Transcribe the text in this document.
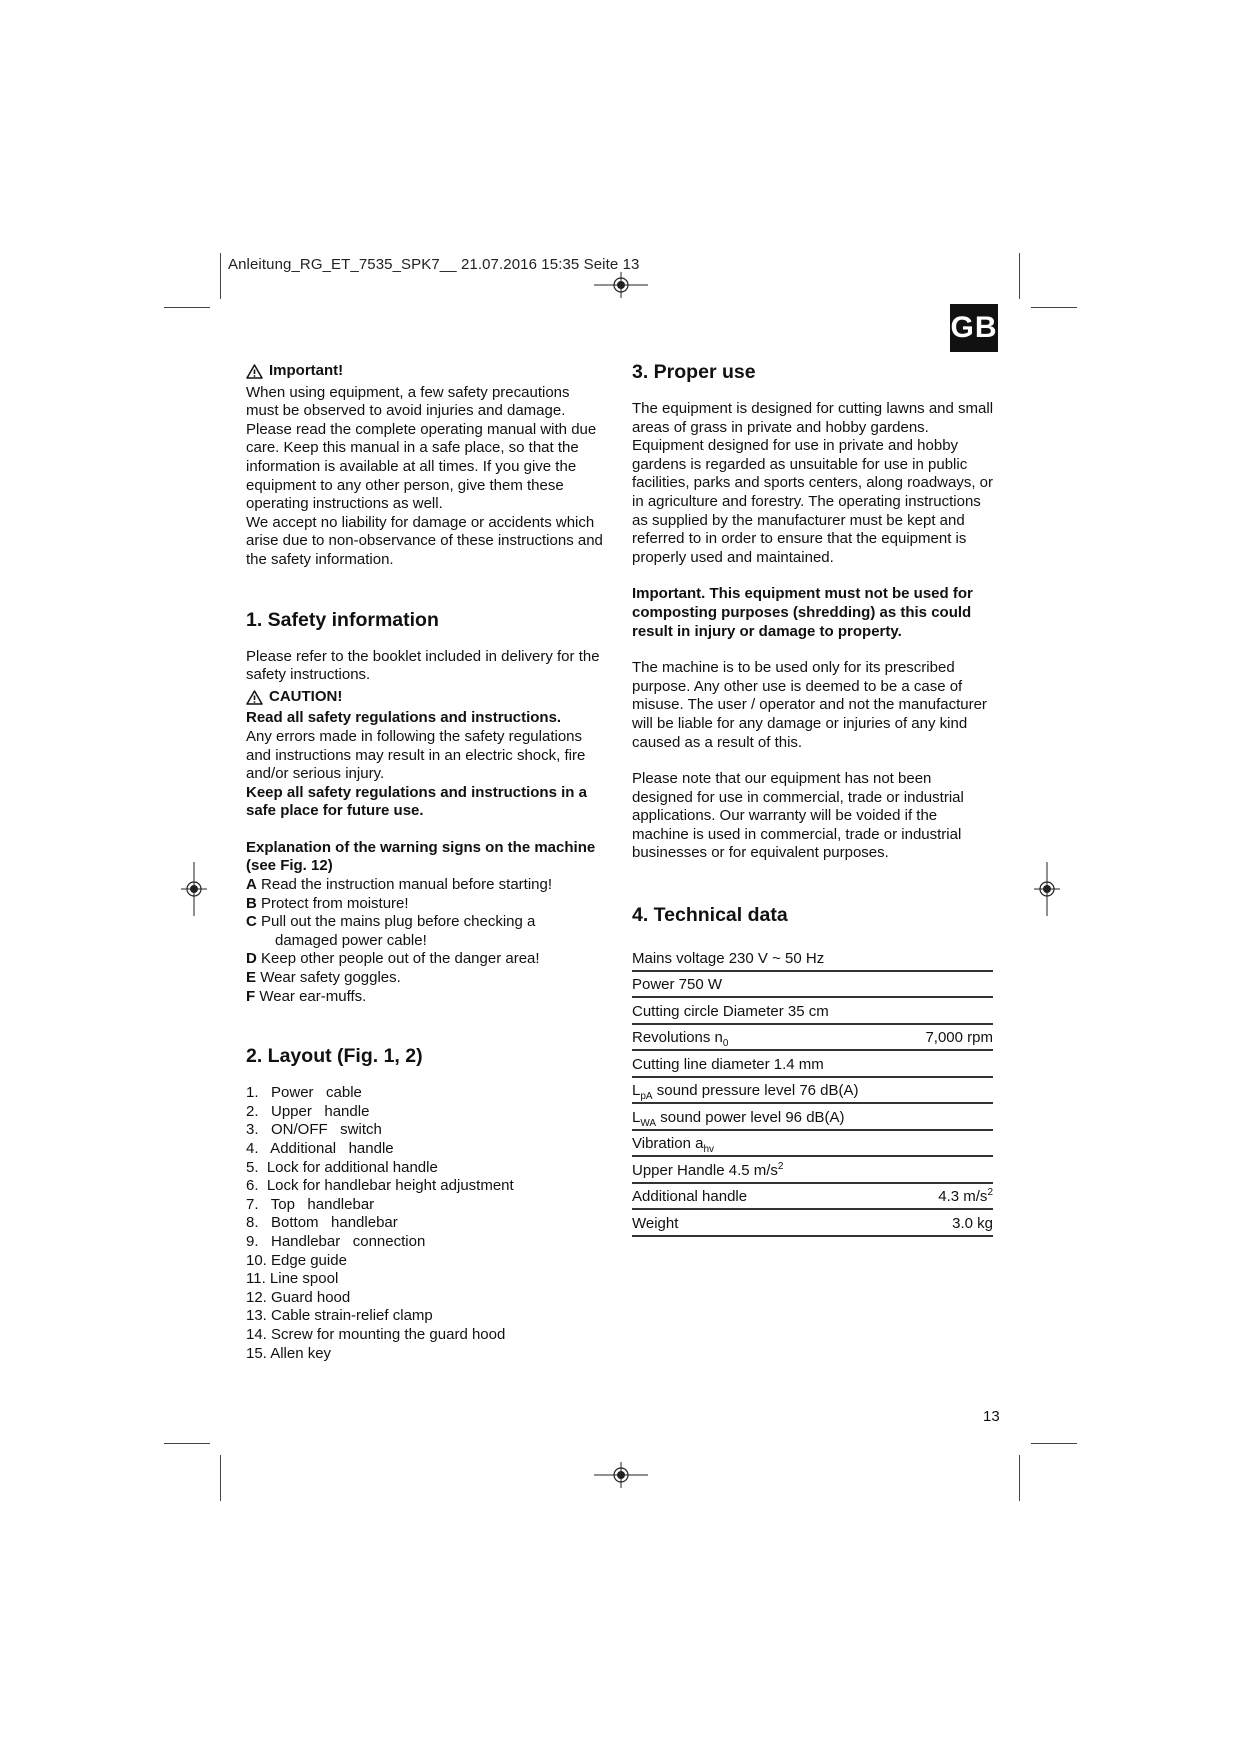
Anleitung_RG_ET_7535_SPK7__ 21.07.2016 15:35 Seite 13
GB
Important!

When using equipment, a few safety precautions must be observed to avoid injuries and damage. Please read the complete operating manual with due care. Keep this manual in a safe place, so that the information is available at all times. If you give the equipment to any other person, give them these operating instructions as well.

We accept no liability for damage or accidents which arise due to non-observance of these instructions and the safety information.

1. Safety information

Please refer to the booklet included in delivery for the safety instructions.

CAUTION!

Read all safety regulations and instructions.

Any errors made in following the safety regulations and instructions may result in an electric shock, fire and/or serious injury.

Keep all safety regulations and instructions in a safe place for future use.

Explanation of the warning signs on the machine (see Fig. 12)

A Read the instruction manual before starting!
B Protect from moisture!
C Pull out the mains plug before checking a
damaged power cable!
D Keep other people out of the danger area!
E Wear safety goggles.
F Wear ear-muffs.
2. Layout (Fig. 1, 2)
1.   Power   cable
2.   Upper   handle
3.   ON/OFF   switch
4.   Additional   handle
5.  Lock for additional handle
6.  Lock for handlebar height adjustment
7.   Top   handlebar
8.   Bottom   handlebar
9.   Handlebar   connection
10. Edge guide
11. Line spool
12. Guard hood
13. Cable strain-relief clamp
14. Screw for mounting the guard hood
15. Allen key
3. Proper use

The equipment is designed for cutting lawns and small areas of grass in private and hobby gardens. Equipment designed for use in private and hobby gardens is regarded as unsuitable for use in public facilities, parks and sports centers, along roadways, or in agriculture and forestry. The operating instructions as supplied by the manufacturer must be kept and referred to in order to ensure that the equipment is properly used and maintained.

Important. This equipment must not be used for composting purposes (shredding) as this could result in injury or damage to property.

The machine is to be used only for its prescribed purpose. Any other use is deemed to be a case of misuse. The user / operator and not the manufacturer will be liable for any damage or injuries of any kind caused as a result of this.

Please note that our equipment has not been designed for use in commercial, trade or industrial applications. Our warranty will be voided if the machine is used in commercial, trade or industrial businesses or for equivalent purposes.

4. Technical data
Mains voltage 230 V ~ 50 Hz	
Power 750 W	
Cutting circle Diameter 35 cm	
Revolutions $n_0$	7,000 rpm
Cutting line diameter 1.4 mm	
$L_{pA}$ sound pressure level 76 dB(A)	
$L_{WA}$ sound power level 96 dB(A)	
Vibration $a_{hv}$	
Upper Handle 4.5 $m/s^2$	
Additional handle	4.3 $m/s^2$
Weight	3.0 kg
13
